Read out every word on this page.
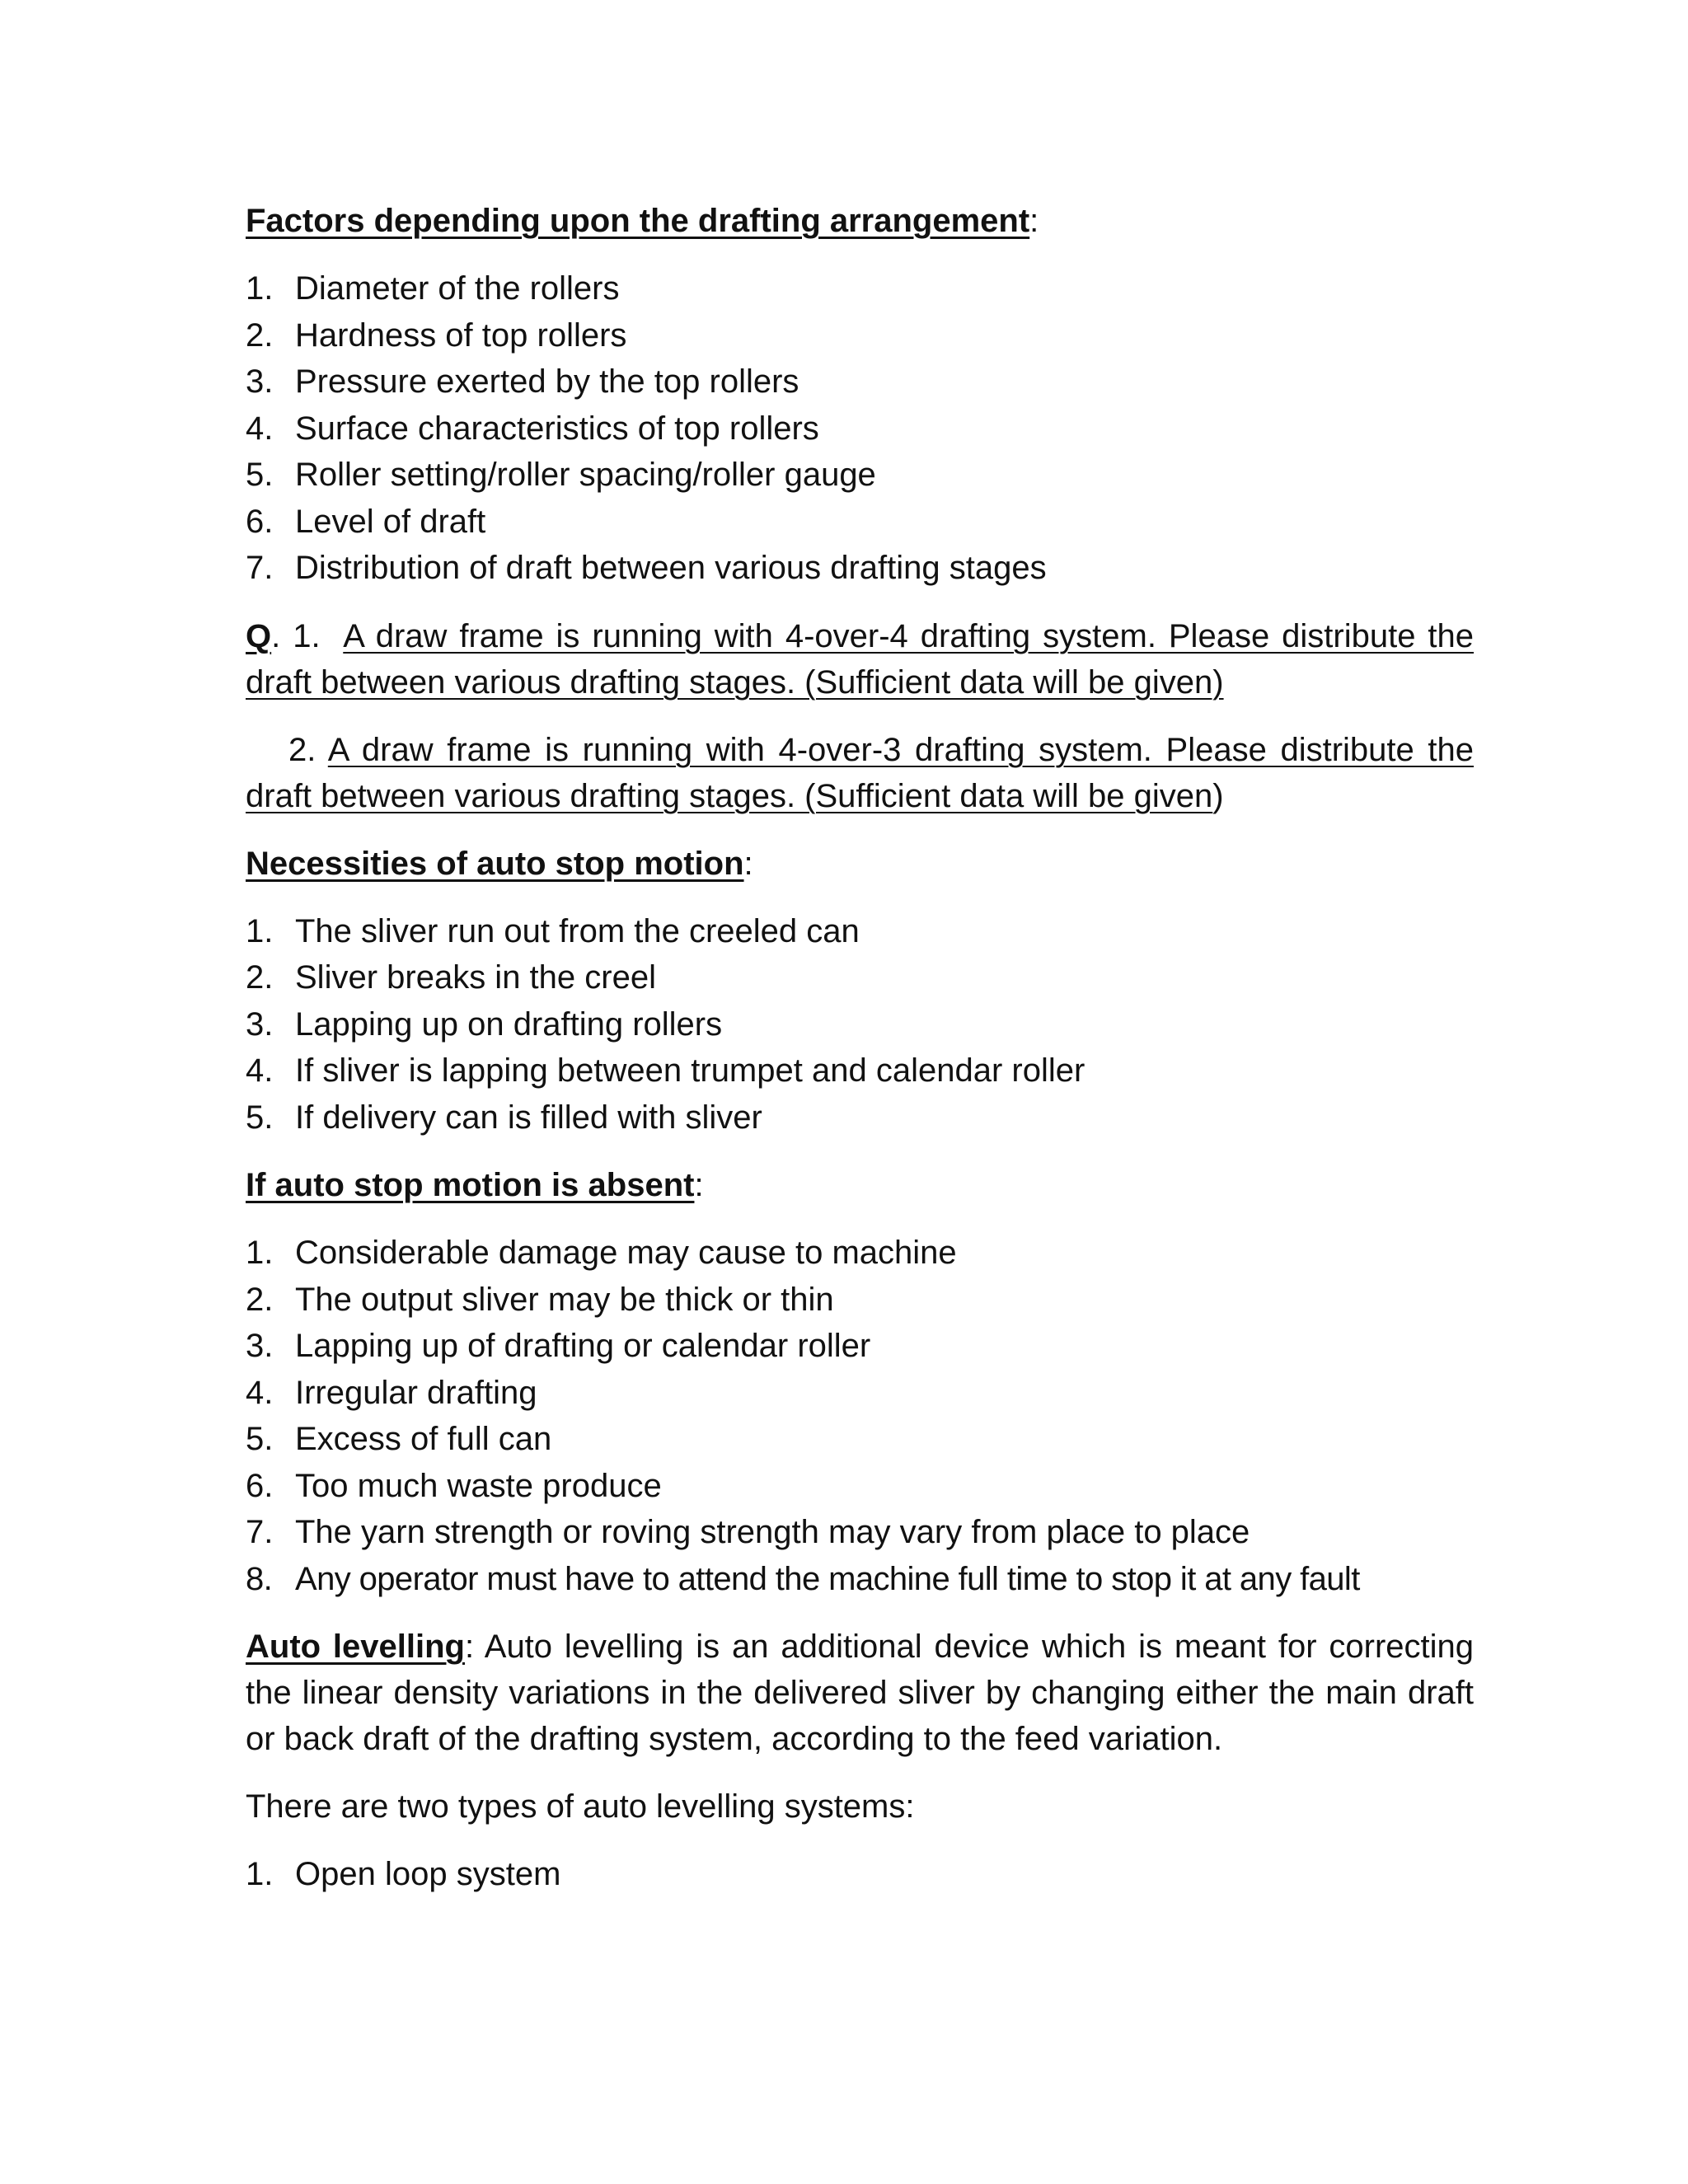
Factors depending upon the drafting arrangement:
1. Diameter of the rollers
2. Hardness of top rollers
3. Pressure exerted by the top rollers
4. Surface characteristics of top rollers
5. Roller setting/roller spacing/roller gauge
6. Level of draft
7. Distribution of draft between various drafting stages
Q. 1.  A draw frame is running with 4-over-4 drafting system. Please distribute the draft between various drafting stages. (Sufficient data will be given)
2. A draw frame is running with 4-over-3 drafting system. Please distribute the draft between various drafting stages. (Sufficient data will be given)
Necessities of auto stop motion:
1. The sliver run out from the creeled can
2. Sliver breaks in the creel
3. Lapping up on drafting rollers
4. If sliver is lapping between trumpet and calendar roller
5. If delivery can is filled with sliver
If auto stop motion is absent:
1. Considerable damage may cause to machine
2. The output sliver may be thick or thin
3. Lapping up of drafting or calendar roller
4. Irregular drafting
5. Excess of full can
6. Too much waste produce
7. The yarn strength or roving strength may vary from place to place
8. Any operator must have to attend the machine full time to stop it at any fault
Auto levelling: Auto levelling is an additional device which is meant for correcting the linear density variations in the delivered sliver by changing either the main draft or back draft of the drafting system, according to the feed variation.
There are two types of auto levelling systems:
1. Open loop system
